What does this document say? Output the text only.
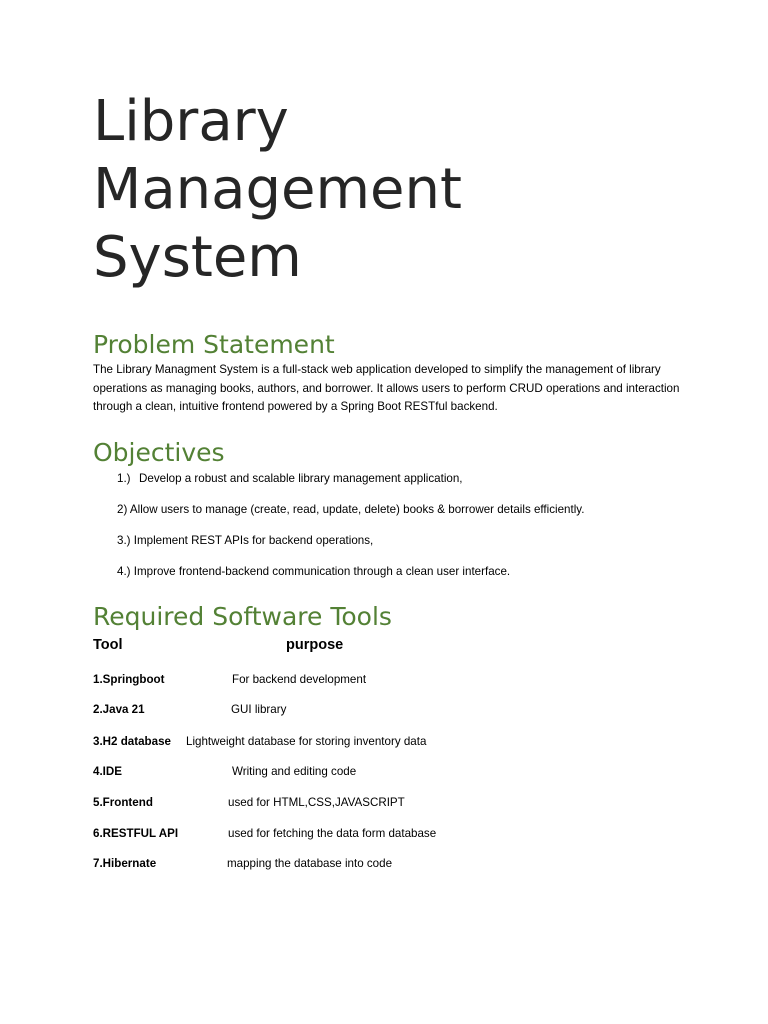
Library
Management
System
Problem Statement

The Library Managment System is a full-stack web application developed to simplify the management of library operations as managing books, authors, and borrower. It allows users to perform CRUD operations and interaction through a clean, intuitive frontend powered by a Spring Boot RESTful backend.

Objectives

1.) Develop a robust and scalable library management application,

2) Allow users to manage (create, read, update, delete) books & borrower details efficiently.

3.) Implement REST APIs for backend operations,

4.) Improve frontend-backend communication through a clean user interface.

Required Software Tools
Tool	purpose
1.Springboot	For backend development
2.Java 21	GUI library
3.H2 database Lightweight database for storing inventory data
4.IDE	Writing and editing code
5.Frontend	used for HTML,CSS,JAVASCRIPT
6.RESTFUL API	used for fetching the data form database
7.Hibernate	mapping the database into code
